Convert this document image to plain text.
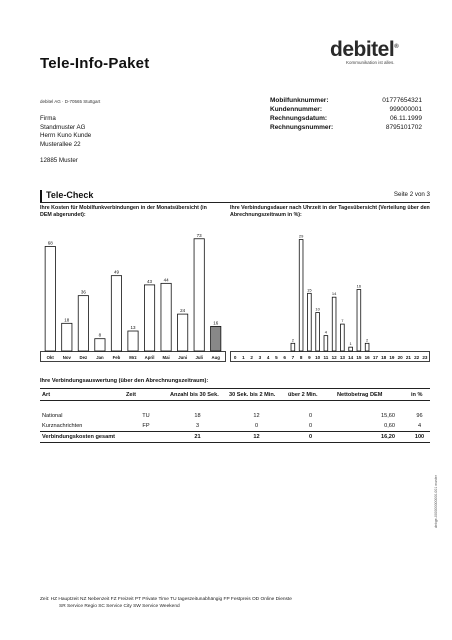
Tele-Info-Paket
debitel®
Kommunikation ist alles.
debitel AG · D-70565 Stuttgart
Firma
Standmuster AG
Herrn Kuno Kunde
Musterallee 22
12885 Muster
Mobilfunknummer:	01777654321
Kundennummer:	999000001
Rechnungsdatum:	06.11.1999
Rechnungsnummer:	8795101702
Tele-Check	Seite 2 von 3
Ihre Kosten für Mobilfunkverbindungen in der Monatsübersicht (in DEM abgerundet):
Ihre Verbindungsdauer nach Uhrzeit in der Tagesübersicht (Verteilung über den Abrechnungszeitraum in %):
68
Okt
18
Nov
36
Dez
8
Jan
49
Feb
13
Mrz
43
April
44
Mai
24
Juni
73
Juli
16
Aug	0 1 2 3 4 5 6
2
7
29
8
15
9
10
10
4
11
14
12
7
13
1
14
16
15
2
16 17 18 19 20 21 22 23
Ihre Verbindungsauswertung (über den Abrechnungszeitraum):
Art	Zeit	Anzahl bis 30 Sek.	30 Sek. bis 2 Min.	über 2 Min.	Nettobetrag DEM	in %

National	TU	18	12	0	15,60	96
Kurznachrichten	FP	3	0	0	0,60	4
Verbindungskosten gesamt		21	12	0	16,20	100
Zeit: HZ Hauptzeit NZ Nebenzeit FZ Freizeit PT Private Time TU tageszeitunabhängig FP Festpreis OD Online Dienste
SR Service Regio SC Service City SW Service Weekend
debge-000000000000-001 muster
